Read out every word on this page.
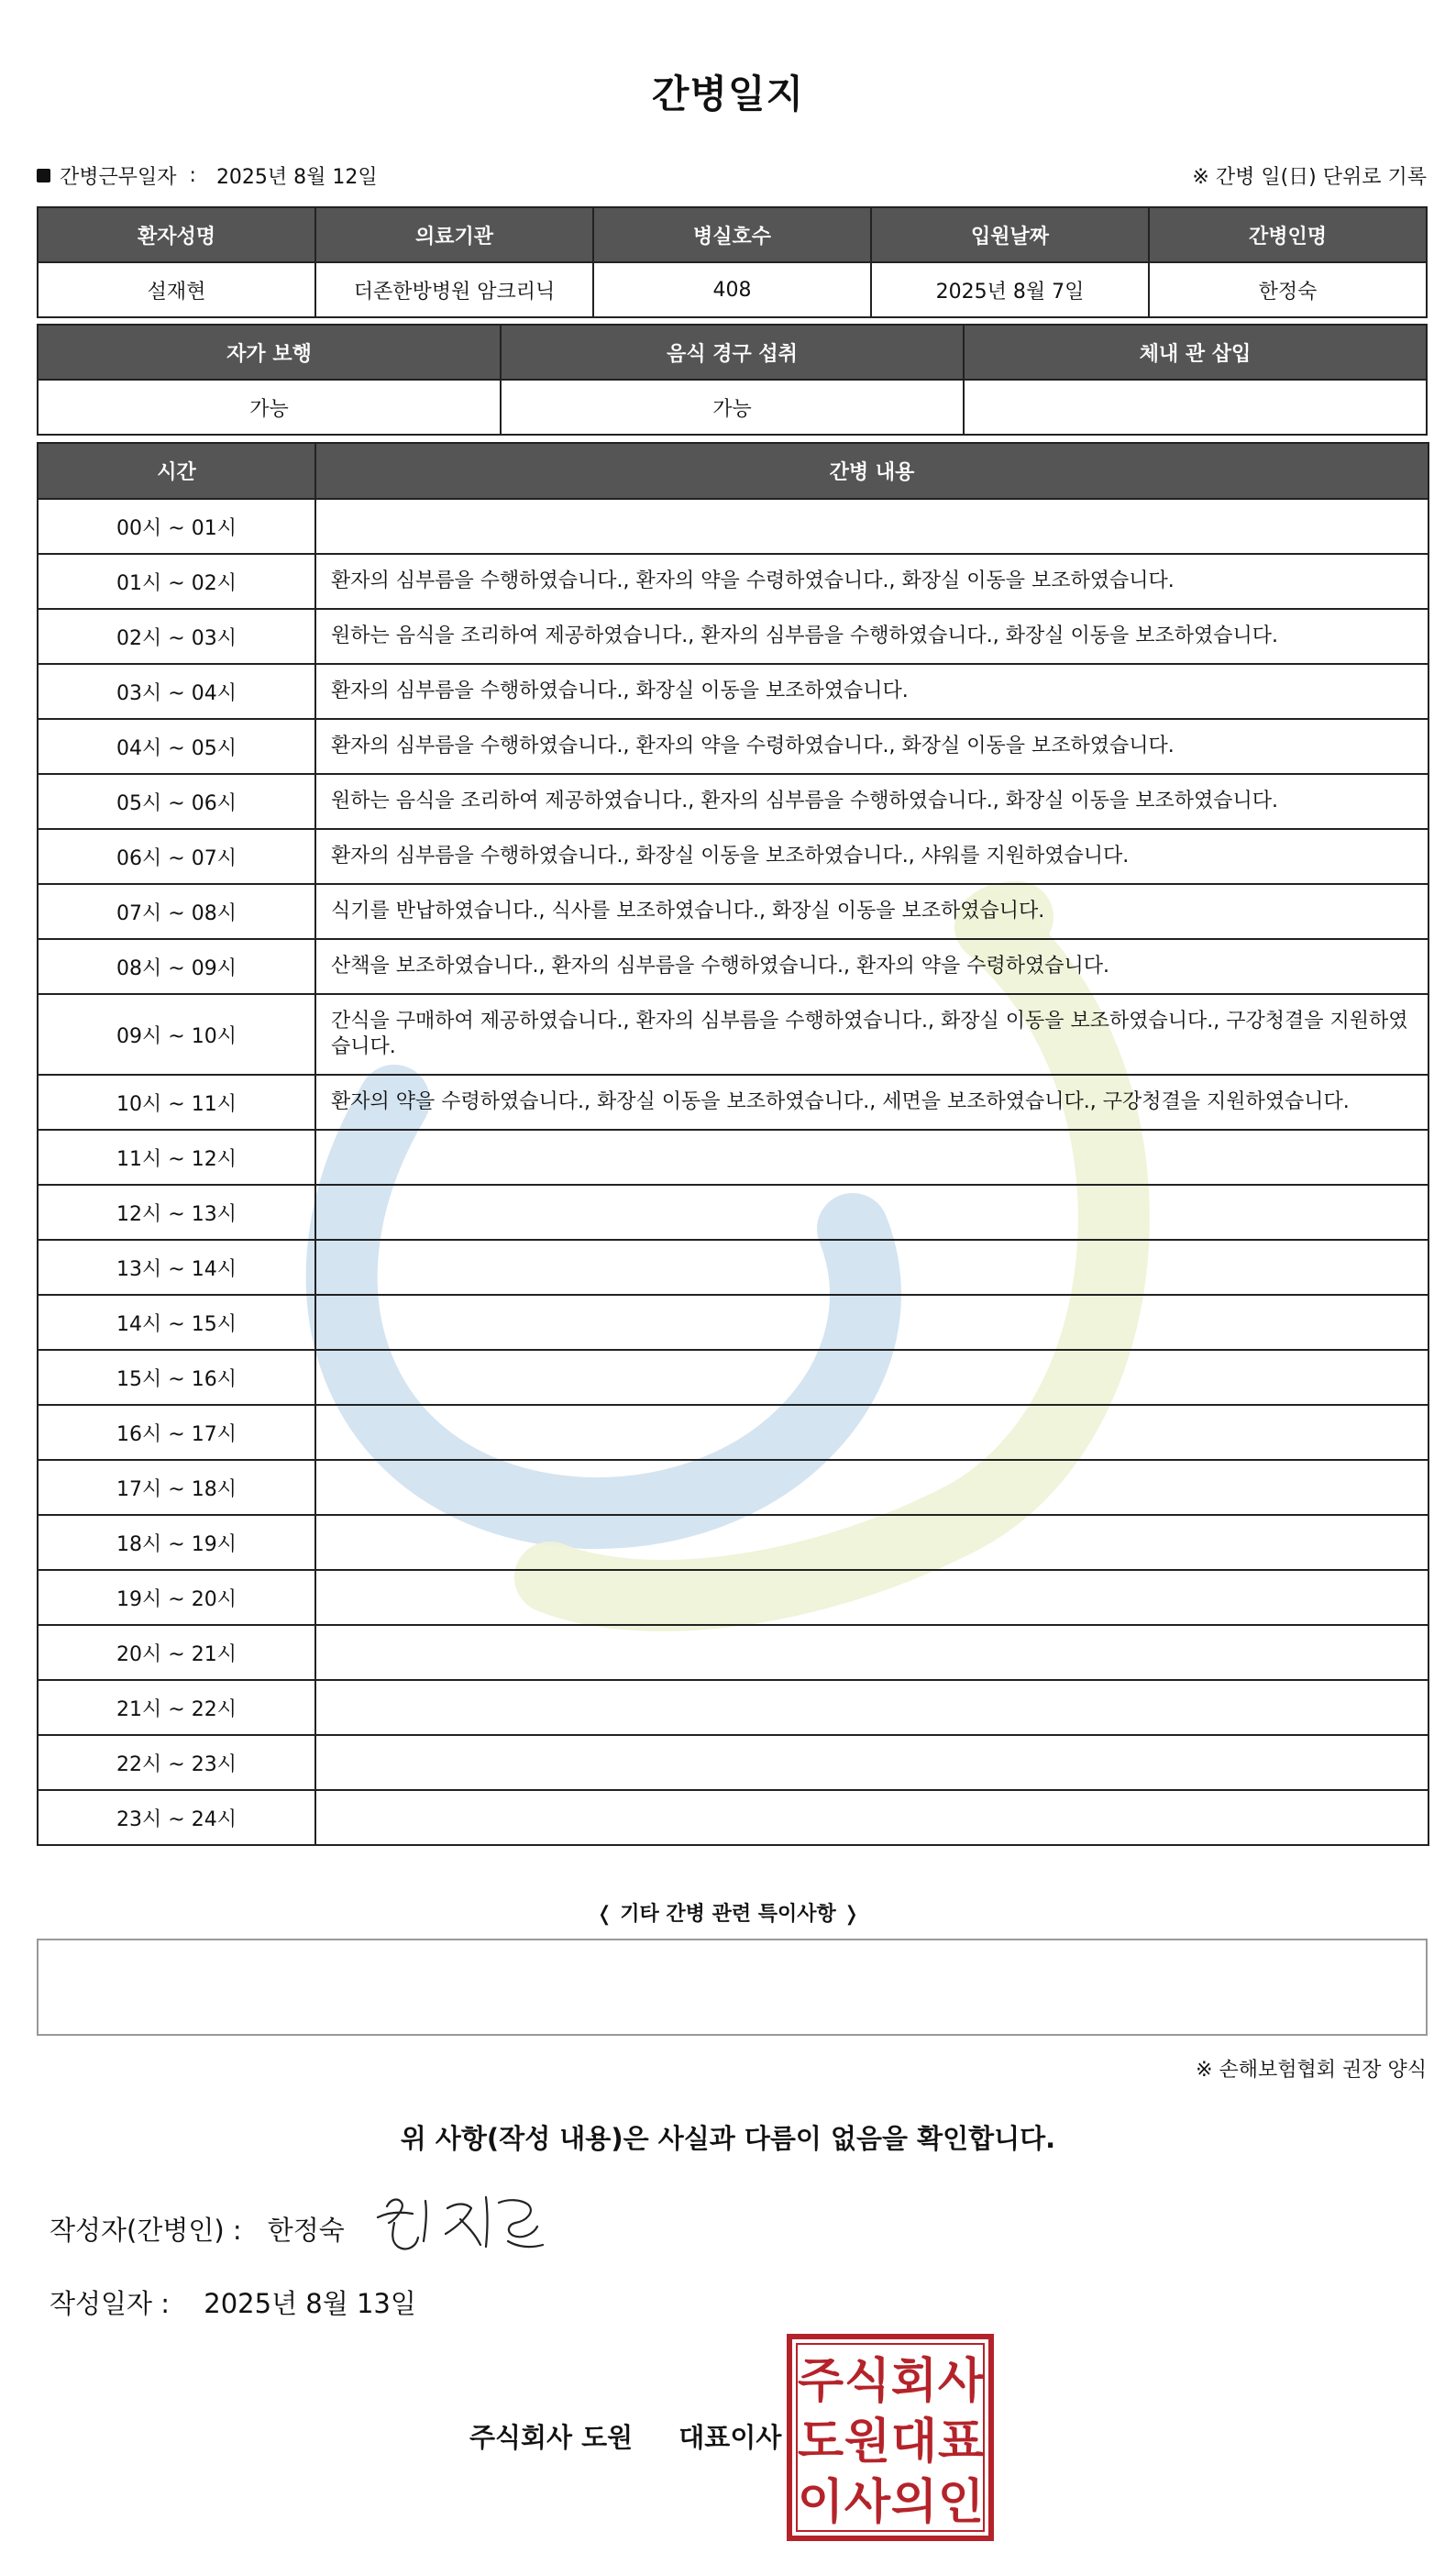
간병일지
간병근무일자 : 2025년 8월 12일	※ 간병 일(日) 단위로 기록
환자성명	의료기관	병실호수	입원날짜	간병인명
설재현	더존한방병원 암크리닉	408	2025년 8월 7일	한정숙
자가 보행	음식 경구 섭취	체내 관 삽입
가능	가능	
시간	간병 내용
00시 ~ 01시	
01시 ~ 02시	환자의 심부름을 수행하였습니다., 환자의 약을 수령하였습니다., 화장실 이동을 보조하였습니다.
02시 ~ 03시	원하는 음식을 조리하여 제공하였습니다., 환자의 심부름을 수행하였습니다., 화장실 이동을 보조하였습니다.
03시 ~ 04시	환자의 심부름을 수행하였습니다., 화장실 이동을 보조하였습니다.
04시 ~ 05시	환자의 심부름을 수행하였습니다., 환자의 약을 수령하였습니다., 화장실 이동을 보조하였습니다.
05시 ~ 06시	원하는 음식을 조리하여 제공하였습니다., 환자의 심부름을 수행하였습니다., 화장실 이동을 보조하였습니다.
06시 ~ 07시	환자의 심부름을 수행하였습니다., 화장실 이동을 보조하였습니다., 샤워를 지원하였습니다.
07시 ~ 08시	식기를 반납하였습니다., 식사를 보조하였습니다., 화장실 이동을 보조하였습니다.
08시 ~ 09시	산책을 보조하였습니다., 환자의 심부름을 수행하였습니다., 환자의 약을 수령하였습니다.
09시 ~ 10시	간식을 구매하여 제공하였습니다., 환자의 심부름을 수행하였습니다., 화장실 이동을 보조하였습니다., 구강청결을 지원하였습니다.
10시 ~ 11시	환자의 약을 수령하였습니다., 화장실 이동을 보조하였습니다., 세면을 보조하였습니다., 구강청결을 지원하였습니다.
11시 ~ 12시	
12시 ~ 13시	
13시 ~ 14시	
14시 ~ 15시	
15시 ~ 16시	
16시 ~ 17시	
17시 ~ 18시	
18시 ~ 19시	
19시 ~ 20시	
20시 ~ 21시	
21시 ~ 22시	
22시 ~ 23시	
23시 ~ 24시	
❬ 기타 간병 관련 특이사항 ❭
※ 손해보험협회 권장 양식
위 사항(작성 내용)은 사실과 다름이 없음을 확인합니다.
작성자(간병인) : 한정숙
작성일자 : 2025년 8월 13일
주식회사 도원 대표이사
주 식 회 사
도 원 대 표
이 사 의 인
